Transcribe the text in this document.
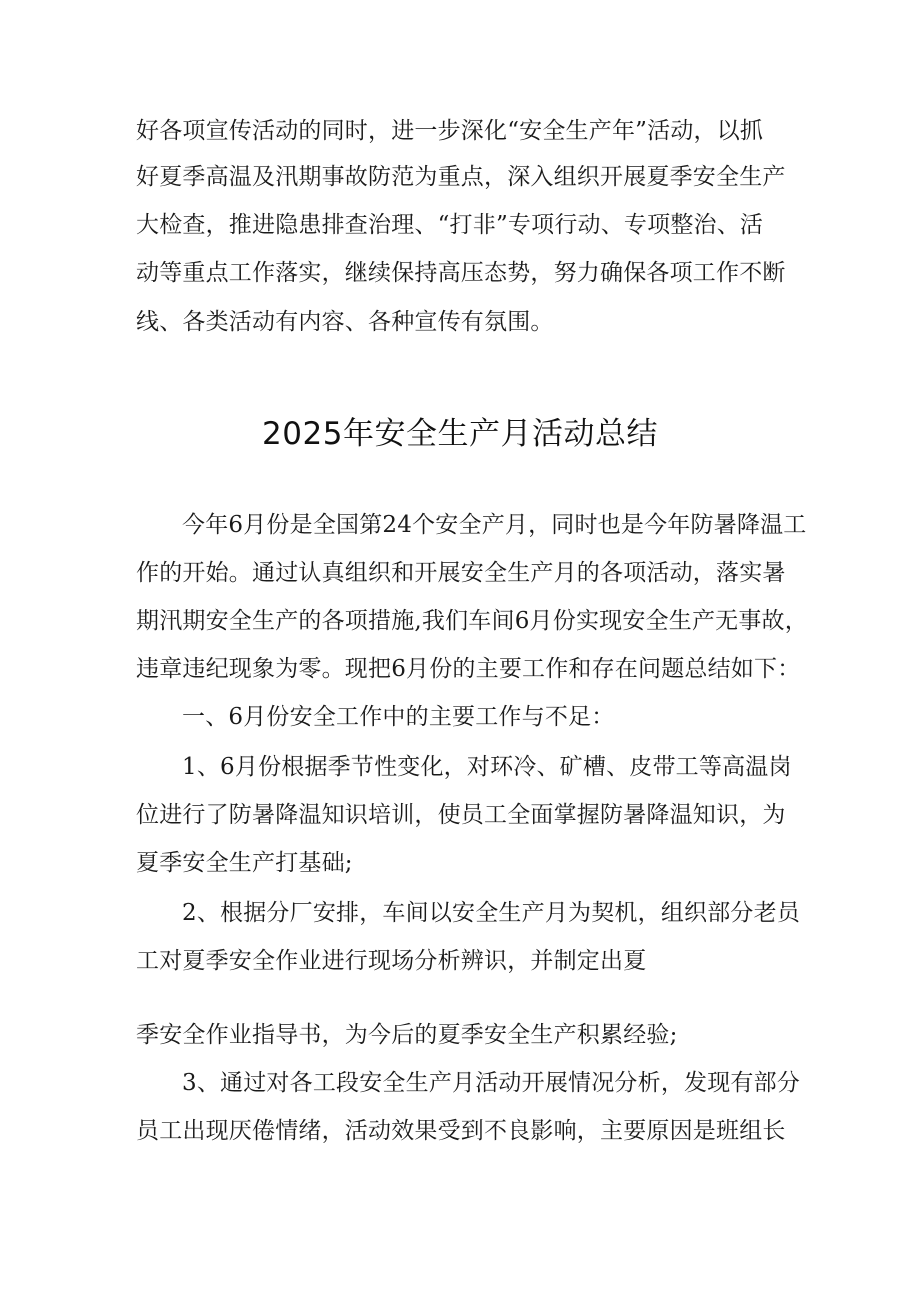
好各项宣传活动的同时，进一步深化“安全生产年”活动，以抓
好夏季高温及汛期事故防范为重点，深入组织开展夏季安全生产
大检查，推进隐患排查治理、“打非”专项行动、专项整治、活
动等重点工作落实，继续保持高压态势，努力确保各项工作不断
线、各类活动有内容、各种宣传有氛围。
2025年安全生产月活动总结
今年6月份是全国第24个安全产月，同时也是今年防暑降温工
作的开始。通过认真组织和开展安全生产月的各项活动，落实暑
期汛期安全生产的各项措施,我们车间6月份实现安全生产无事故，
违章违纪现象为零。现把6月份的主要工作和存在问题总结如下：
一、6月份安全工作中的主要工作与不足：
1、6月份根据季节性变化，对环冷、矿槽、皮带工等高温岗
位进行了防暑降温知识培训，使员工全面掌握防暑降温知识，为
夏季安全生产打基础;
2、根据分厂安排，车间以安全生产月为契机，组织部分老员
工对夏季安全作业进行现场分析辨识，并制定出夏
季安全作业指导书，为今后的夏季安全生产积累经验;
3、通过对各工段安全生产月活动开展情况分析，发现有部分
员工出现厌倦情绪，活动效果受到不良影响，主要原因是班组长
